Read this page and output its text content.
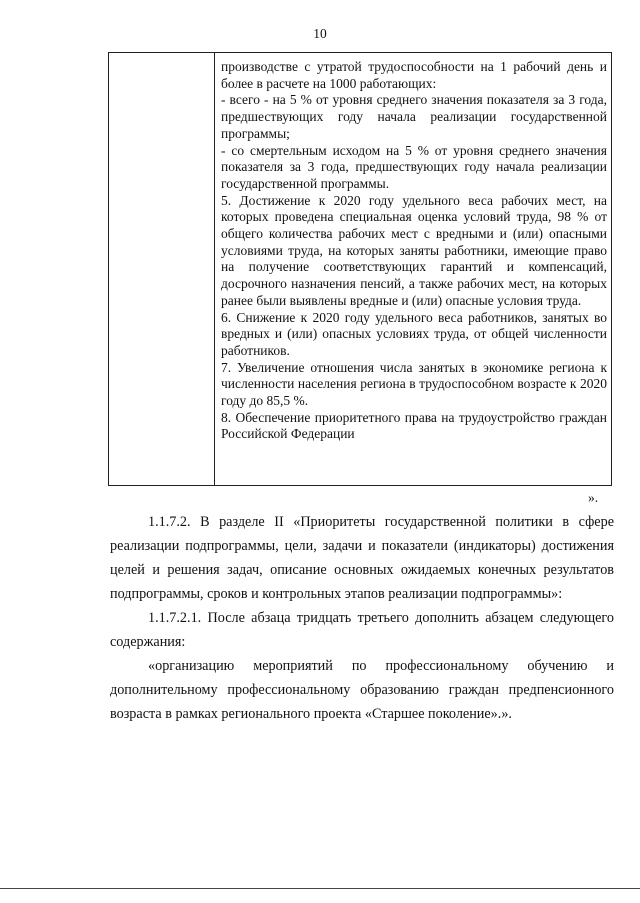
10

производстве с утратой трудоспособности на 1 рабочий день и более в расчете на 1000 работающих:

- всего - на 5 % от уровня среднего значения показателя за 3 года, предшествующих году начала реализации государственной программы;

- со смертельным исходом на 5 % от уровня среднего значения показателя за 3 года, предшествующих году начала реализации государственной программы.

5. Достижение к 2020 году удельного веса рабочих мест, на которых проведена специальная оценка условий труда, 98 % от общего количества рабочих мест с вредными и (или) опасными условиями труда, на которых заняты работники, имеющие право на получение соответствующих гарантий и компенсаций, досрочного назначения пенсий, а также рабочих мест, на которых ранее были выявлены вредные и (или) опасные условия труда.

6. Снижение к 2020 году удельного веса работников, занятых во вредных и (или) опасных условиях труда, от общей численности работников.

7. Увеличение отношения числа занятых в экономике региона к численности населения региона в трудоспособном возрасте к 2020 году до 85,5 %.

8. Обеспечение приоритетного права на трудоустройство граждан Российской Федерации

».

1.1.7.2. В разделе II «Приоритеты государственной политики в сфере реализации подпрограммы, цели, задачи и показатели (индикаторы) достижения целей и решения задач, описание основных ожидаемых конечных результатов подпрограммы, сроков и контрольных этапов реализации подпрограммы»:

1.1.7.2.1. После абзаца тридцать третьего дополнить абзацем следующего содержания:

«организацию мероприятий по профессиональному обучению и дополнительному профессиональному образованию граждан предпенсионного возраста в рамках регионального проекта «Старшее поколение».».
